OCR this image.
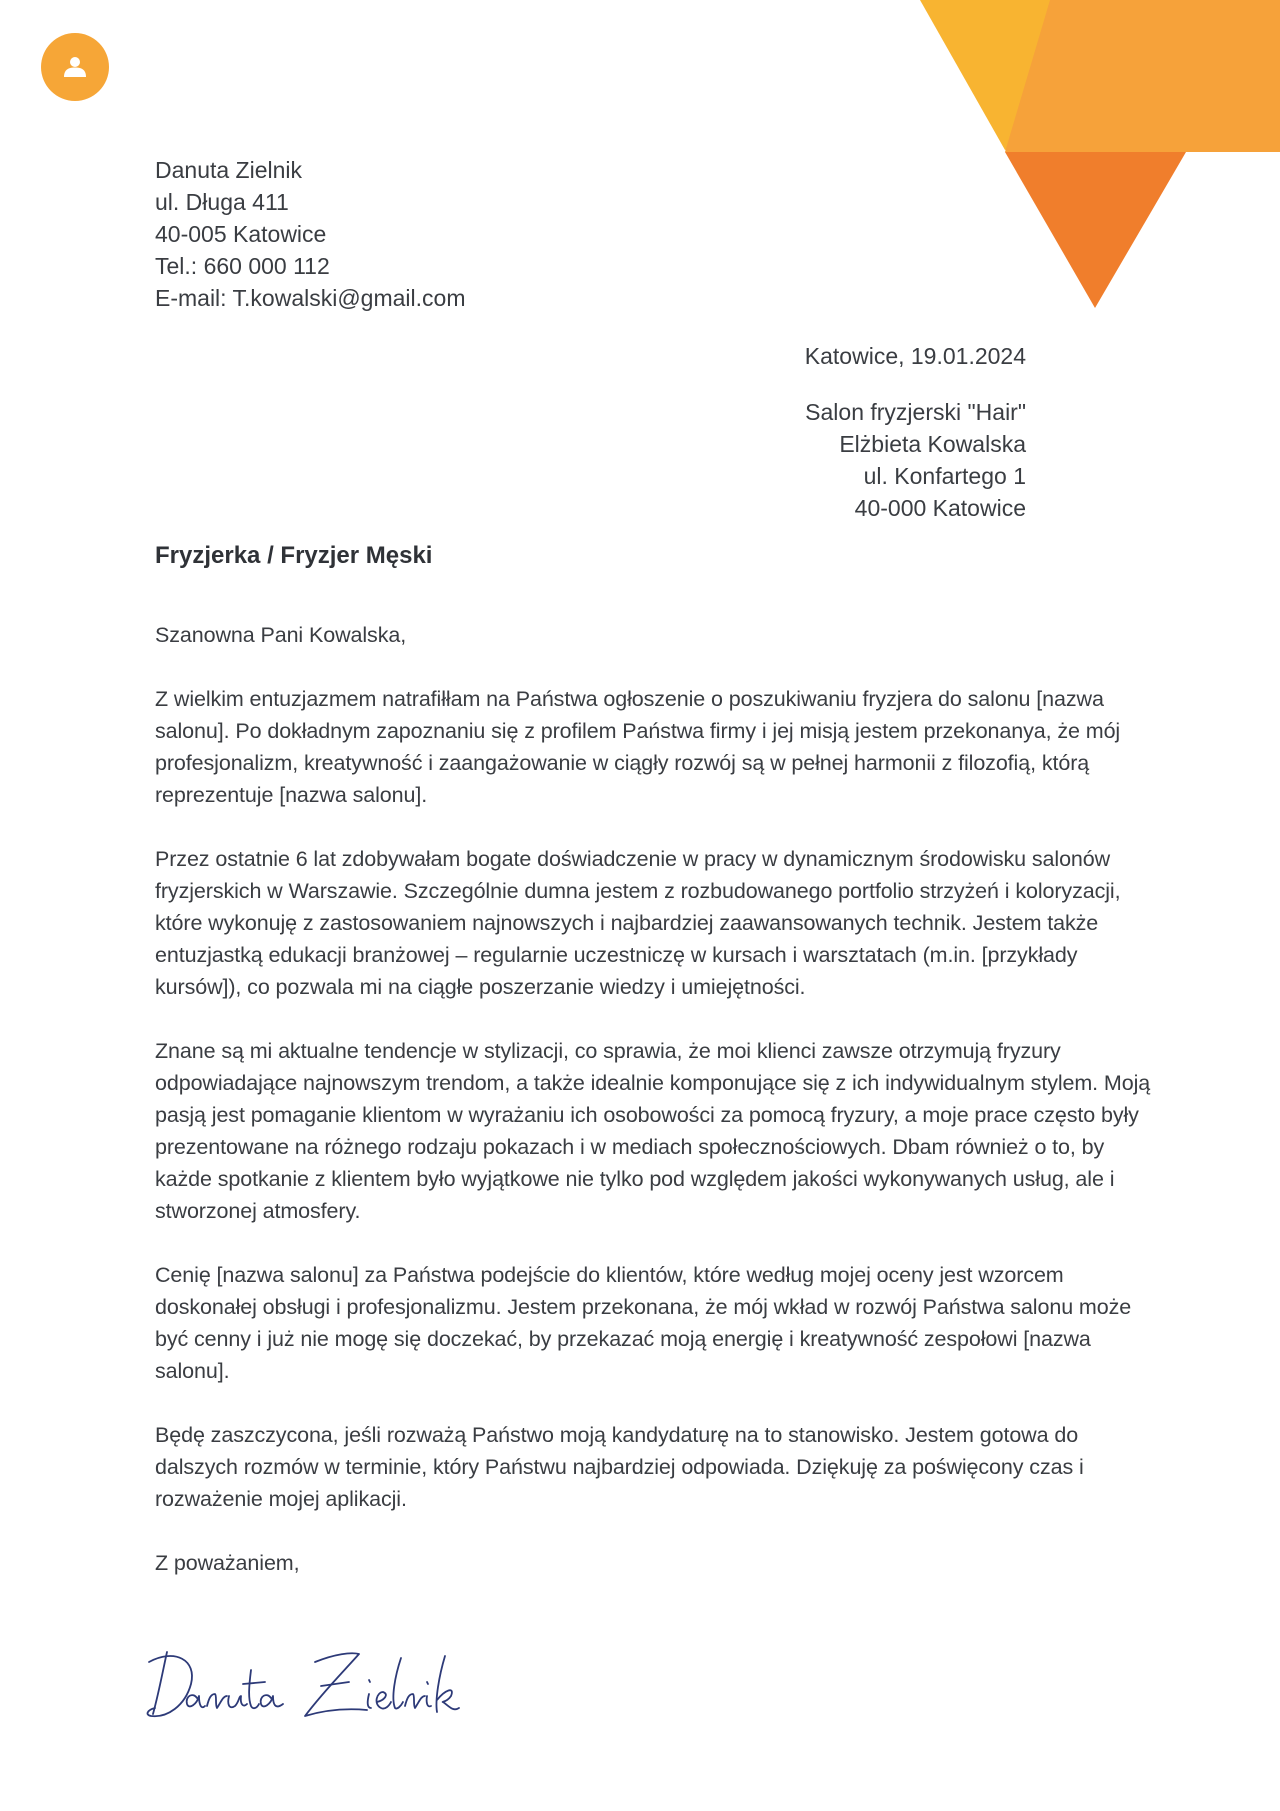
Danuta Zielnik
ul. Długa 411
40-005 Katowice
Tel.: 660 000 112
E-mail: T.kowalski@gmail.com
Katowice, 19.01.2024
Salon fryzjerski "Hair"
Elżbieta Kowalska
ul. Konfartego 1
40-000 Katowice
Fryzjerka / Fryzjer Męski

Szanowna Pani Kowalska,

Z wielkim entuzjazmem natrafiłłam na Państwa ogłoszenie o poszukiwaniu fryzjera do salonu [nazwa salonu]. Po dokładnym zapoznaniu się z profilem Państwa firmy i jej misją jestem przekonanya, że mój profesjonalizm, kreatywność i zaangażowanie w ciągły rozwój są w pełnej harmonii z filozofią, którą reprezentuje [nazwa salonu].

Przez ostatnie 6 lat zdobywałam bogate doświadczenie w pracy w dynamicznym środowisku salonów fryzjerskich w Warszawie. Szczególnie dumna jestem z rozbudowanego portfolio strzyżeń i koloryzacji, które wykonuję z zastosowaniem najnowszych i najbardziej zaawansowanych technik. Jestem także entuzjastką edukacji branżowej – regularnie uczestniczę w kursach i warsztatach (m.in. [przykłady kursów]), co pozwala mi na ciągłe poszerzanie wiedzy i umiejętności.

Znane są mi aktualne tendencje w stylizacji, co sprawia, że moi klienci zawsze otrzymują fryzury odpowiadające najnowszym trendom, a także idealnie komponujące się z ich indywidualnym stylem. Moją pasją jest pomaganie klientom w wyrażaniu ich osobowości za pomocą fryzury, a moje prace często były prezentowane na różnego rodzaju pokazach i w mediach społecznościowych. Dbam również o to, by każde spotkanie z klientem było wyjątkowe nie tylko pod względem jakości wykonywanych usług, ale i stworzonej atmosfery.

Cenię [nazwa salonu] za Państwa podejście do klientów, które według mojej oceny jest wzorcem doskonałej obsługi i profesjonalizmu. Jestem przekonana, że mój wkład w rozwój Państwa salonu może być cenny i już nie mogę się doczekać, by przekazać moją energię i kreatywność zespołowi [nazwa salonu].

Będę zaszczycona, jeśli rozważą Państwo moją kandydaturę na to stanowisko. Jestem gotowa do dalszych rozmów w terminie, który Państwu najbardziej odpowiada. Dziękuję za poświęcony czas i rozważenie mojej aplikacji.

Z poważaniem,
